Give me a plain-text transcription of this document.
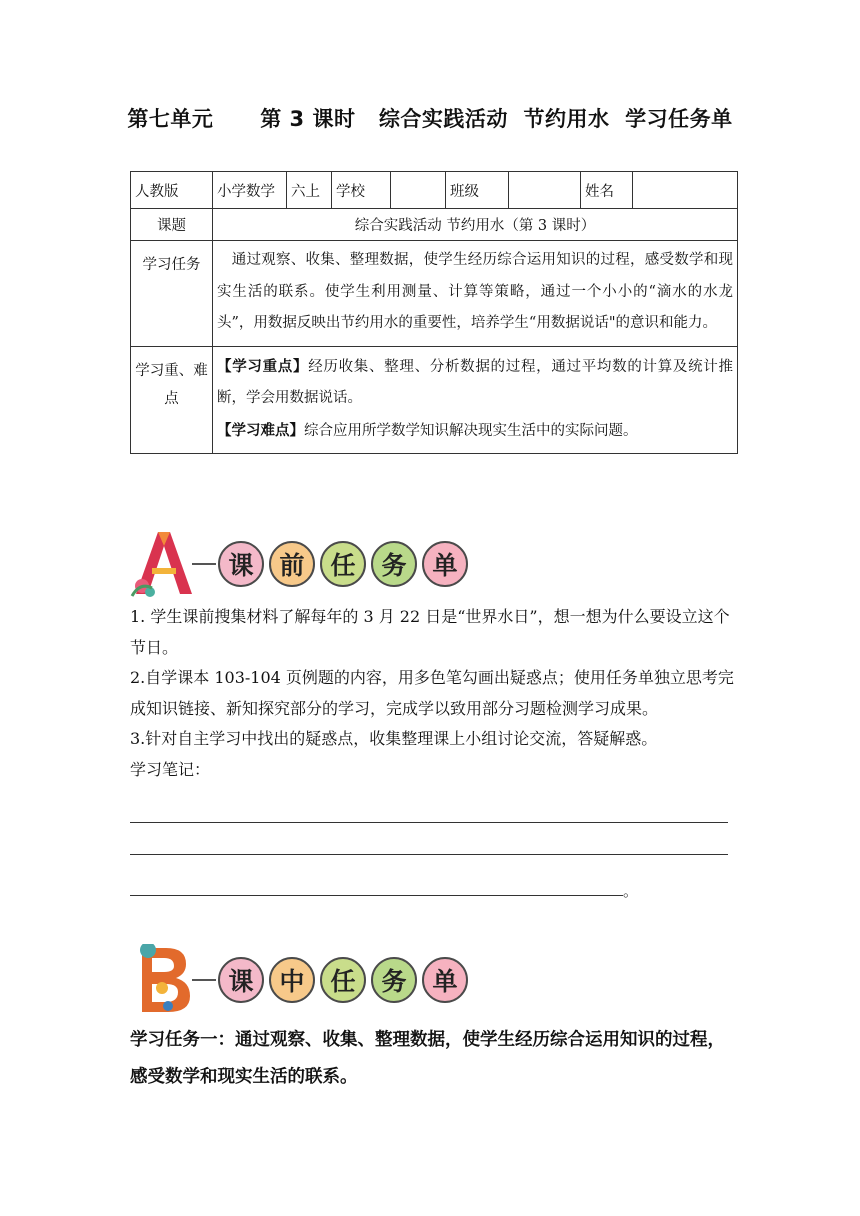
第七单元      第 3 课时   综合实践活动  节约用水  学习任务单
人教版	小学数学	六上	学校		班级		姓名	
课题	综合实践活动 节约用水（第 3 课时）							
学习任务	　通过观察、收集、整理数据，使学生经历综合运用知识的过程，感受数学和现实生活的联系。使学生利用测量、计算等策略，通过一个小小的“滴水的水龙头”，用数据反映出节约用水的重要性，培养学生“用数据说话"的意识和能力。							
学习重、难点	【学习重点】经历收集、整理、分析数据的过程，通过平均数的计算及统计推断，学会用数据说话。
【学习难点】综合应用所学数学知识解决现实生活中的实际问题。							
课	前	任	务	单
1. 学生课前搜集材料了解每年的 3 月 22 日是“世界水日”，想一想为什么要设立这个节日。
2.自学课本 103-104 页例题的内容，用多色笔勾画出疑惑点；使用任务单独立思考完成知识链接、新知探究部分的学习，完成学以致用部分习题检测学习成果。
3.针对自主学习中找出的疑惑点，收集整理课上小组讨论交流，答疑解惑。
学习笔记：
。
课	中	任	务	单
学习任务一：通过观察、收集、整理数据，使学生经历综合运用知识的过程，感受数学和现实生活的联系。
